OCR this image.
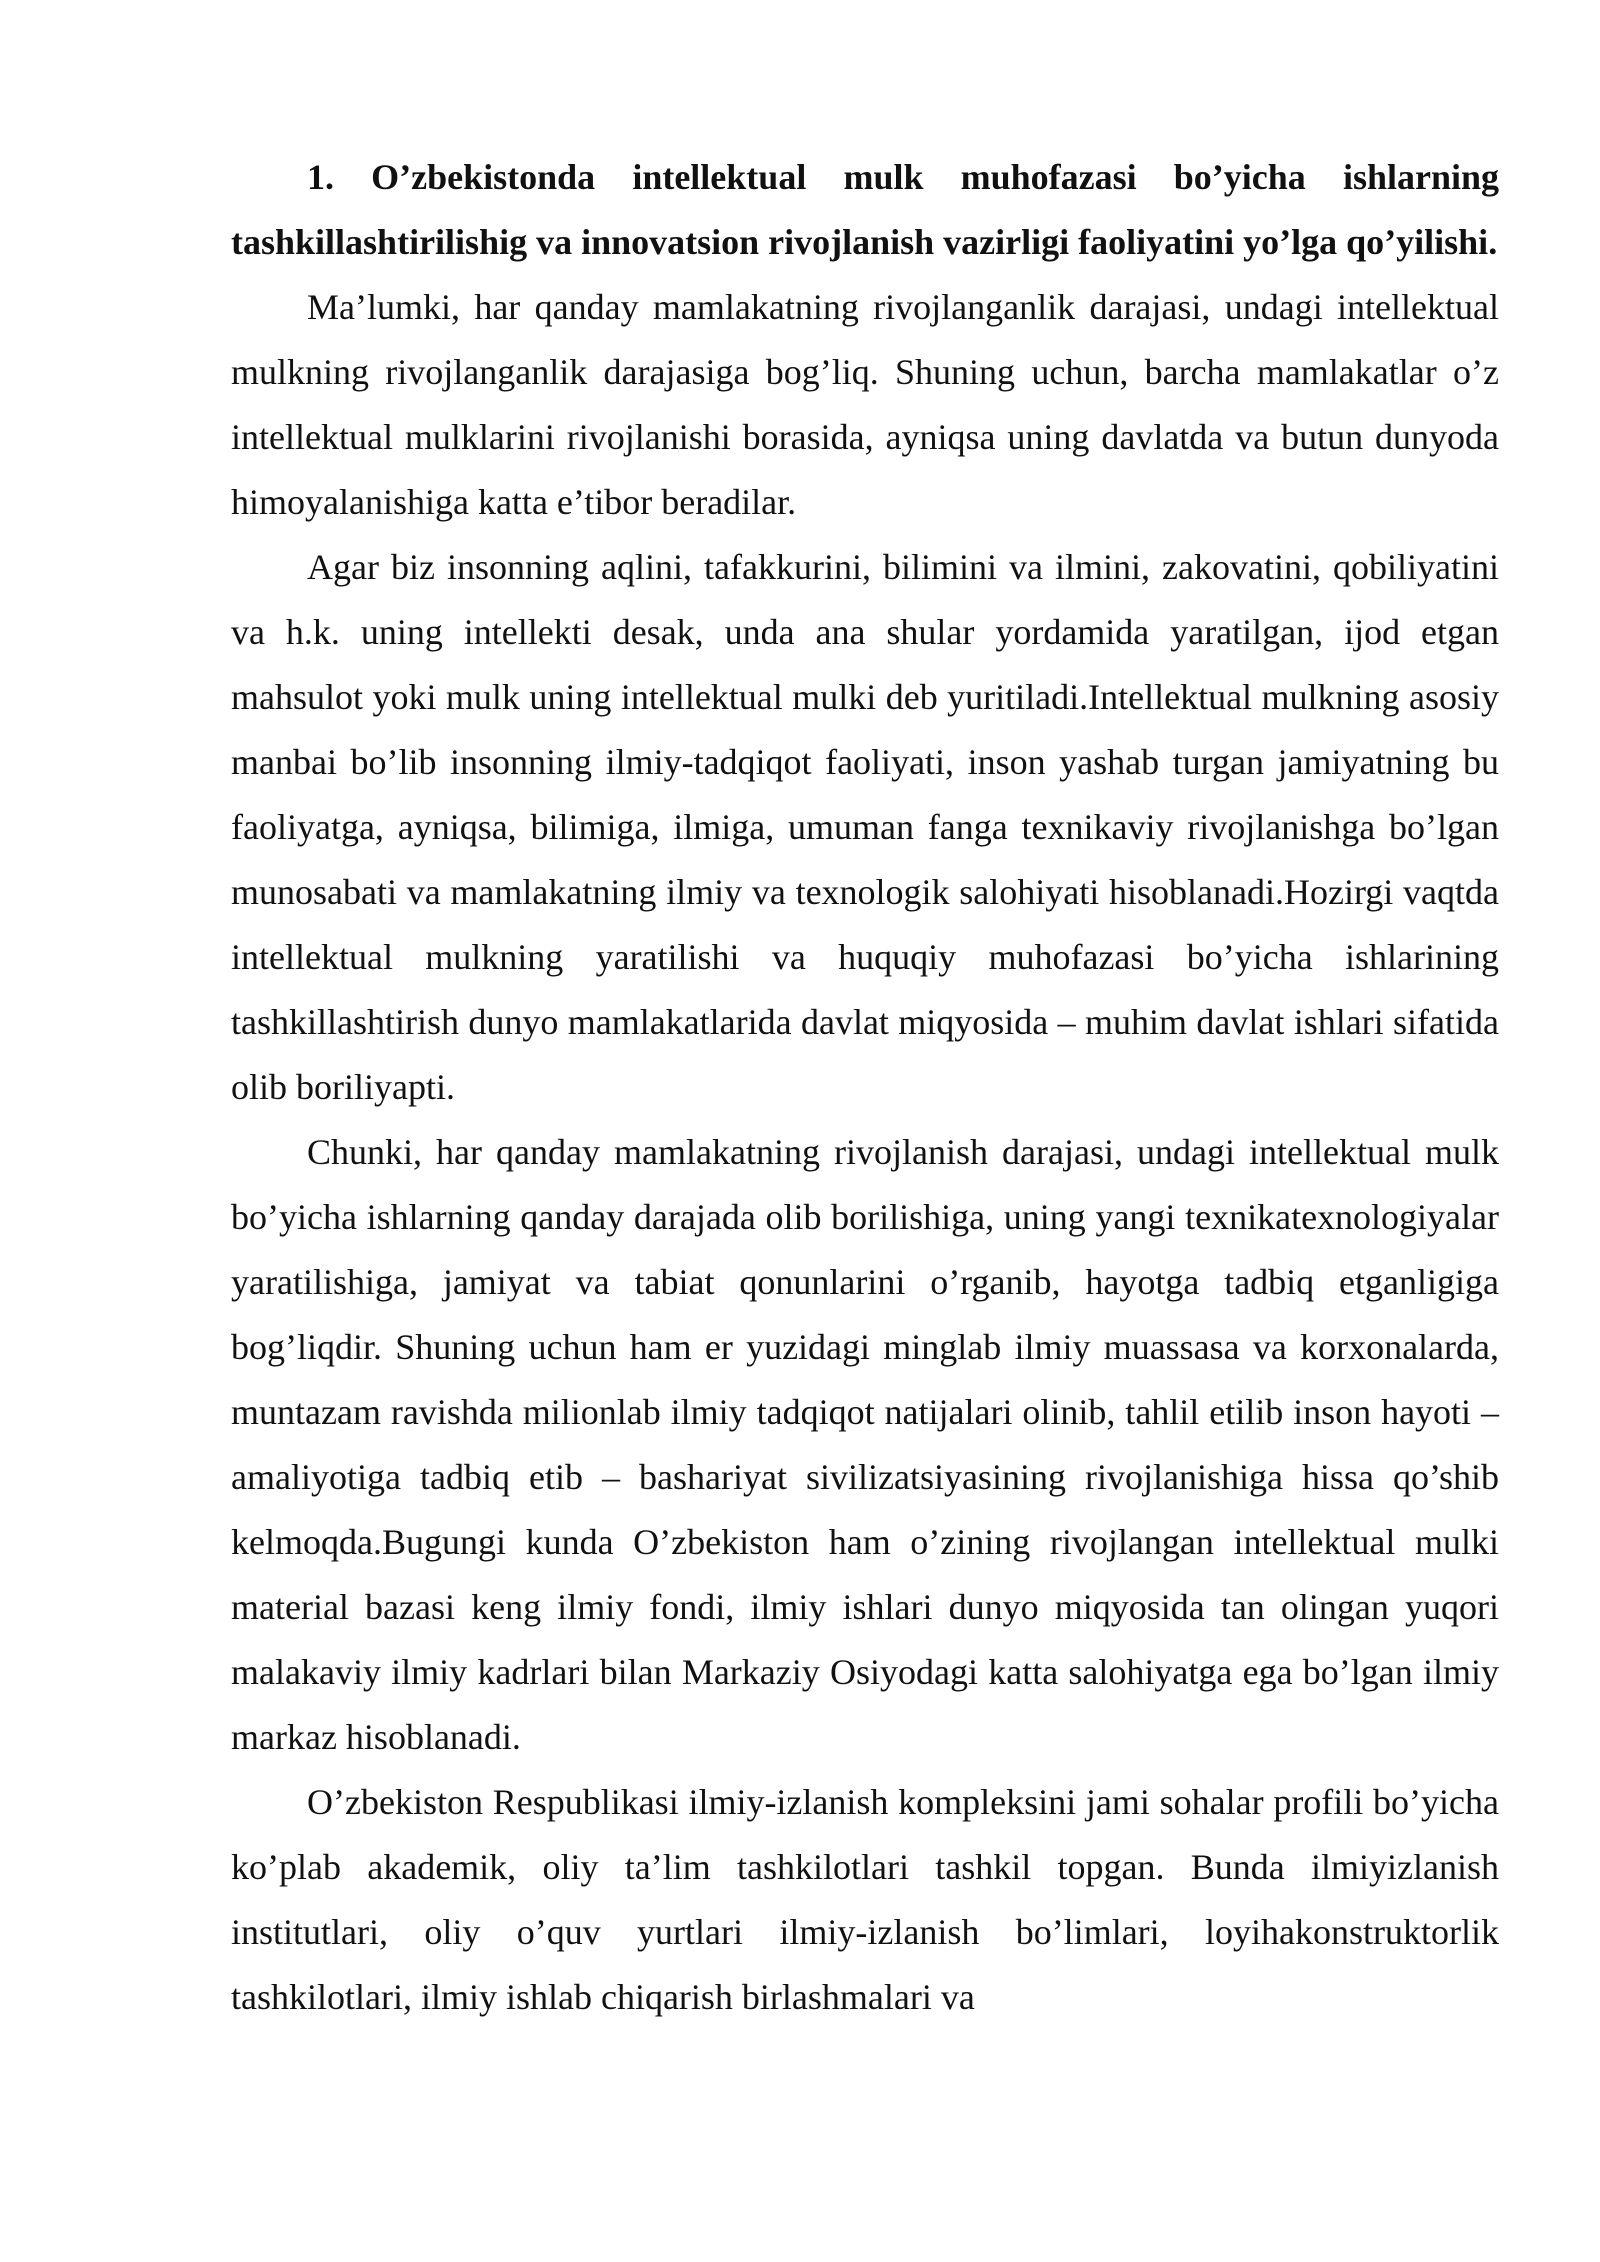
1. O’zbekistonda intellektual mulk muhofazasi bo’yicha ishlarning tashkillashtirilishig va innovatsion rivojlanish vazirligi faoliyatini yo’lga qo’yilishi.

Ma’lumki, har qanday mamlakatning rivojlanganlik darajasi, undagi intellektual mulkning rivojlanganlik darajasiga bog’liq. Shuning uchun, barcha mamlakatlar o’z intellektual mulklarini rivojlanishi borasida, ayniqsa uning davlatda va butun dunyoda himoyalanishiga katta e’tibor beradilar.

Agar biz insonning aqlini, tafakkurini, bilimini va ilmini, zakovatini, qobiliyatini va h.k. uning intellekti desak, unda ana shular yordamida yaratilgan, ijod etgan mahsulot yoki mulk uning intellektual mulki deb yuritiladi.Intellektual mulkning asosiy manbai bo’lib insonning ilmiy-tadqiqot faoliyati, inson yashab turgan jamiyatning bu faoliyatga, ayniqsa, bilimiga, ilmiga, umuman fanga texnikaviy rivojlanishga bo’lgan munosabati va mamlakatning ilmiy va texnologik salohiyati hisoblanadi.Hozirgi vaqtda intellektual mulkning yaratilishi va huquqiy muhofazasi bo’yicha ishlarining tashkillashtirish dunyo mamlakatlarida davlat miqyosida – muhim davlat ishlari sifatida olib boriliyapti.

Chunki, har qanday mamlakatning rivojlanish darajasi, undagi intellektual mulk bo’yicha ishlarning qanday darajada olib borilishiga, uning yangi texnikatexnologiyalar yaratilishiga, jamiyat va tabiat qonunlarini o’rganib, hayotga tadbiq etganligiga bog’liqdir. Shuning uchun ham er yuzidagi minglab ilmiy muassasa va korxonalarda, muntazam ravishda milionlab ilmiy tadqiqot natijalari olinib, tahlil etilib inson hayoti – amaliyotiga tadbiq etib – bashariyat sivilizatsiyasining rivojlanishiga hissa qo’shib kelmoqda.Bugungi kunda O’zbekiston ham o’zining rivojlangan intellektual mulki material bazasi keng ilmiy fondi, ilmiy ishlari dunyo miqyosida tan olingan yuqori malakaviy ilmiy kadrlari bilan Markaziy Osiyodagi katta salohiyatga ega bo’lgan ilmiy markaz hisoblanadi.

O’zbekiston Respublikasi ilmiy-izlanish kompleksini jami sohalar profili bo’yicha ko’plab akademik, oliy ta’lim tashkilotlari tashkil topgan. Bunda ilmiyizlanish institutlari, oliy o’quv yurtlari ilmiy-izlanish bo’limlari, loyihakonstruktorlik tashkilotlari, ilmiy ishlab chiqarish birlashmalari va
